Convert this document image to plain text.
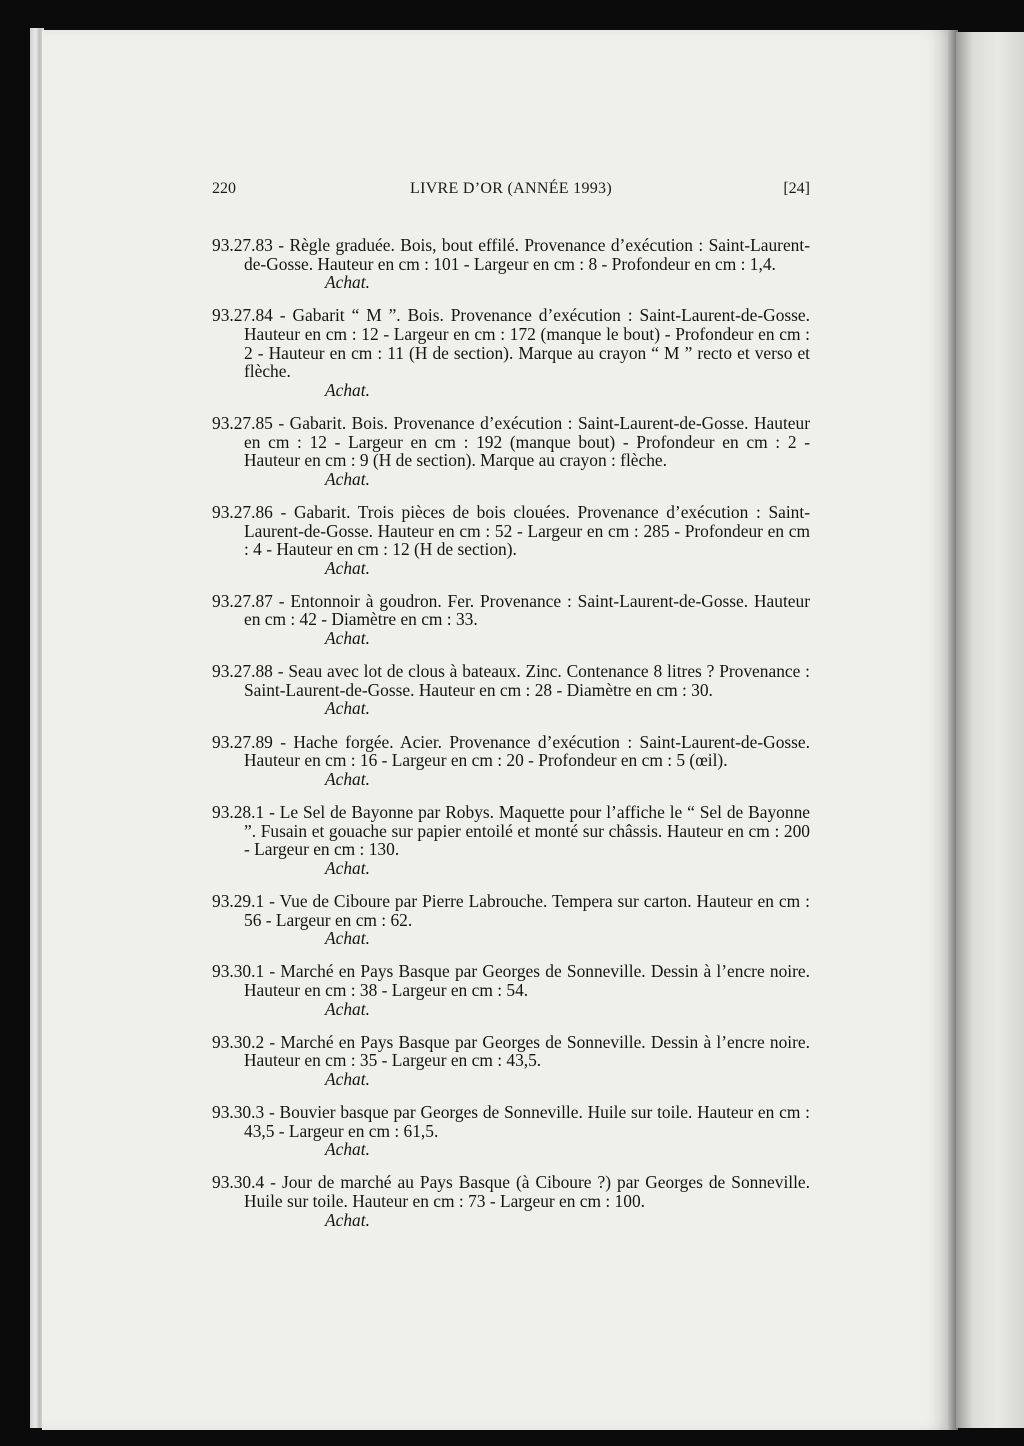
220	LIVRE D’OR (ANNÉE 1993)	[24]

93.27.83 - Règle graduée. Bois, bout effilé. Provenance d’exécution : Saint-Laurent-de-Gosse. Hauteur en cm : 101 - Largeur en cm : 8 - Profondeur en cm : 1,4.

Achat.

93.27.84 - Gabarit “ M ”. Bois. Provenance d’exécution : Saint-Laurent-de-Gosse. Hauteur en cm : 12 - Largeur en cm : 172 (manque le bout) - Profondeur en cm : 2 - Hauteur en cm : 11 (H de section). Marque au crayon “ M ” recto et verso et flèche.

Achat.

93.27.85 - Gabarit. Bois. Provenance d’exécution : Saint-Laurent-de-Gosse. Hauteur en cm : 12 - Largeur en cm : 192 (manque bout) - Profondeur en cm : 2 - Hauteur en cm : 9 (H de section). Marque au crayon : flèche.

Achat.

93.27.86 - Gabarit. Trois pièces de bois clouées. Provenance d’exécution : Saint-Laurent-de-Gosse. Hauteur en cm : 52 - Largeur en cm : 285 - Profondeur en cm : 4 - Hauteur en cm : 12 (H de section).

Achat.

93.27.87 - Entonnoir à goudron. Fer. Provenance : Saint-Laurent-de-Gosse. Hauteur en cm : 42 - Diamètre en cm : 33.

Achat.

93.27.88 - Seau avec lot de clous à bateaux. Zinc. Contenance 8 litres ? Provenance : Saint-Laurent-de-Gosse. Hauteur en cm : 28 - Diamètre en cm : 30.

Achat.

93.27.89 - Hache forgée. Acier. Provenance d’exécution : Saint-Laurent-de-Gosse. Hauteur en cm : 16 - Largeur en cm : 20 - Profondeur en cm : 5 (œil).

Achat.

93.28.1 - Le Sel de Bayonne par Robys. Maquette pour l’affiche le “ Sel de Bayonne ”. Fusain et gouache sur papier entoilé et monté sur châssis. Hauteur en cm : 200 - Largeur en cm : 130.

Achat.

93.29.1 - Vue de Ciboure par Pierre Labrouche. Tempera sur carton. Hauteur en cm : 56 - Largeur en cm : 62.

Achat.

93.30.1 - Marché en Pays Basque par Georges de Sonneville. Dessin à l’encre noire. Hauteur en cm : 38 - Largeur en cm : 54.

Achat.

93.30.2 - Marché en Pays Basque par Georges de Sonneville. Dessin à l’encre noire. Hauteur en cm : 35 - Largeur en cm : 43,5.

Achat.

93.30.3 - Bouvier basque par Georges de Sonneville. Huile sur toile. Hauteur en cm : 43,5 - Largeur en cm : 61,5.

Achat.

93.30.4 - Jour de marché au Pays Basque (à Ciboure ?) par Georges de Sonneville. Huile sur toile. Hauteur en cm : 73 - Largeur en cm : 100.

Achat.
